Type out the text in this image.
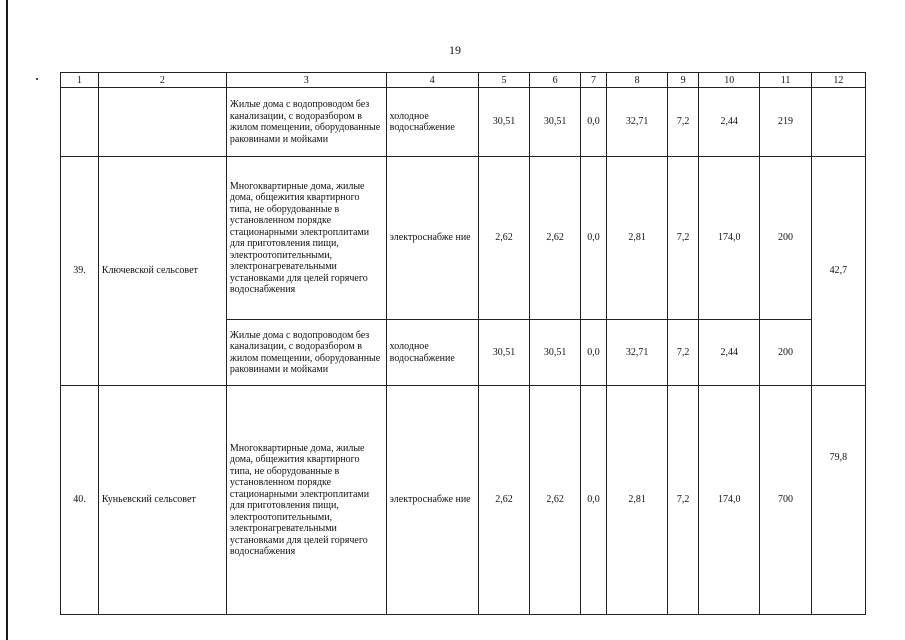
19
1	2	3	4	5	6	7	8	9	10	11	12
		Жилые дома с водопроводом без канализации, с водоразбором в жилом помещении, оборудованные раковинами и мойками	холодное водоснабжение	30,51	30,51	0,0	32,71	7,2	2,44	219	
39.	Ключевской сельсовет	Многоквартирные дома, жилые дома, общежития квартирного типа, не оборудованные в установленном порядке стационарными электроплитами для приготовления пищи, электроотопительными, электронагревательными установками для целей горячего водоснабжения	электроснабже ние	2,62	2,62	0,0	2,81	7,2	174,0	200	42,7
		Жилые дома с водопроводом без канализации, с водоразбором в жилом помещении, оборудованные раковинами и мойками	холодное водоснабжение	30,51	30,51	0,0	32,71	7,2	2,44	200	
40.	Куньевский сельсовет	Многоквартирные дома, жилые дома, общежития квартирного типа, не оборудованные в установленном порядке стационарными электроплитами для приготовления пищи, электроотопительными, электронагревательными установками для целей горячего водоснабжения	электроснабже ние	2,62	2,62	0,0	2,81	7,2	174,0	700	79,8
